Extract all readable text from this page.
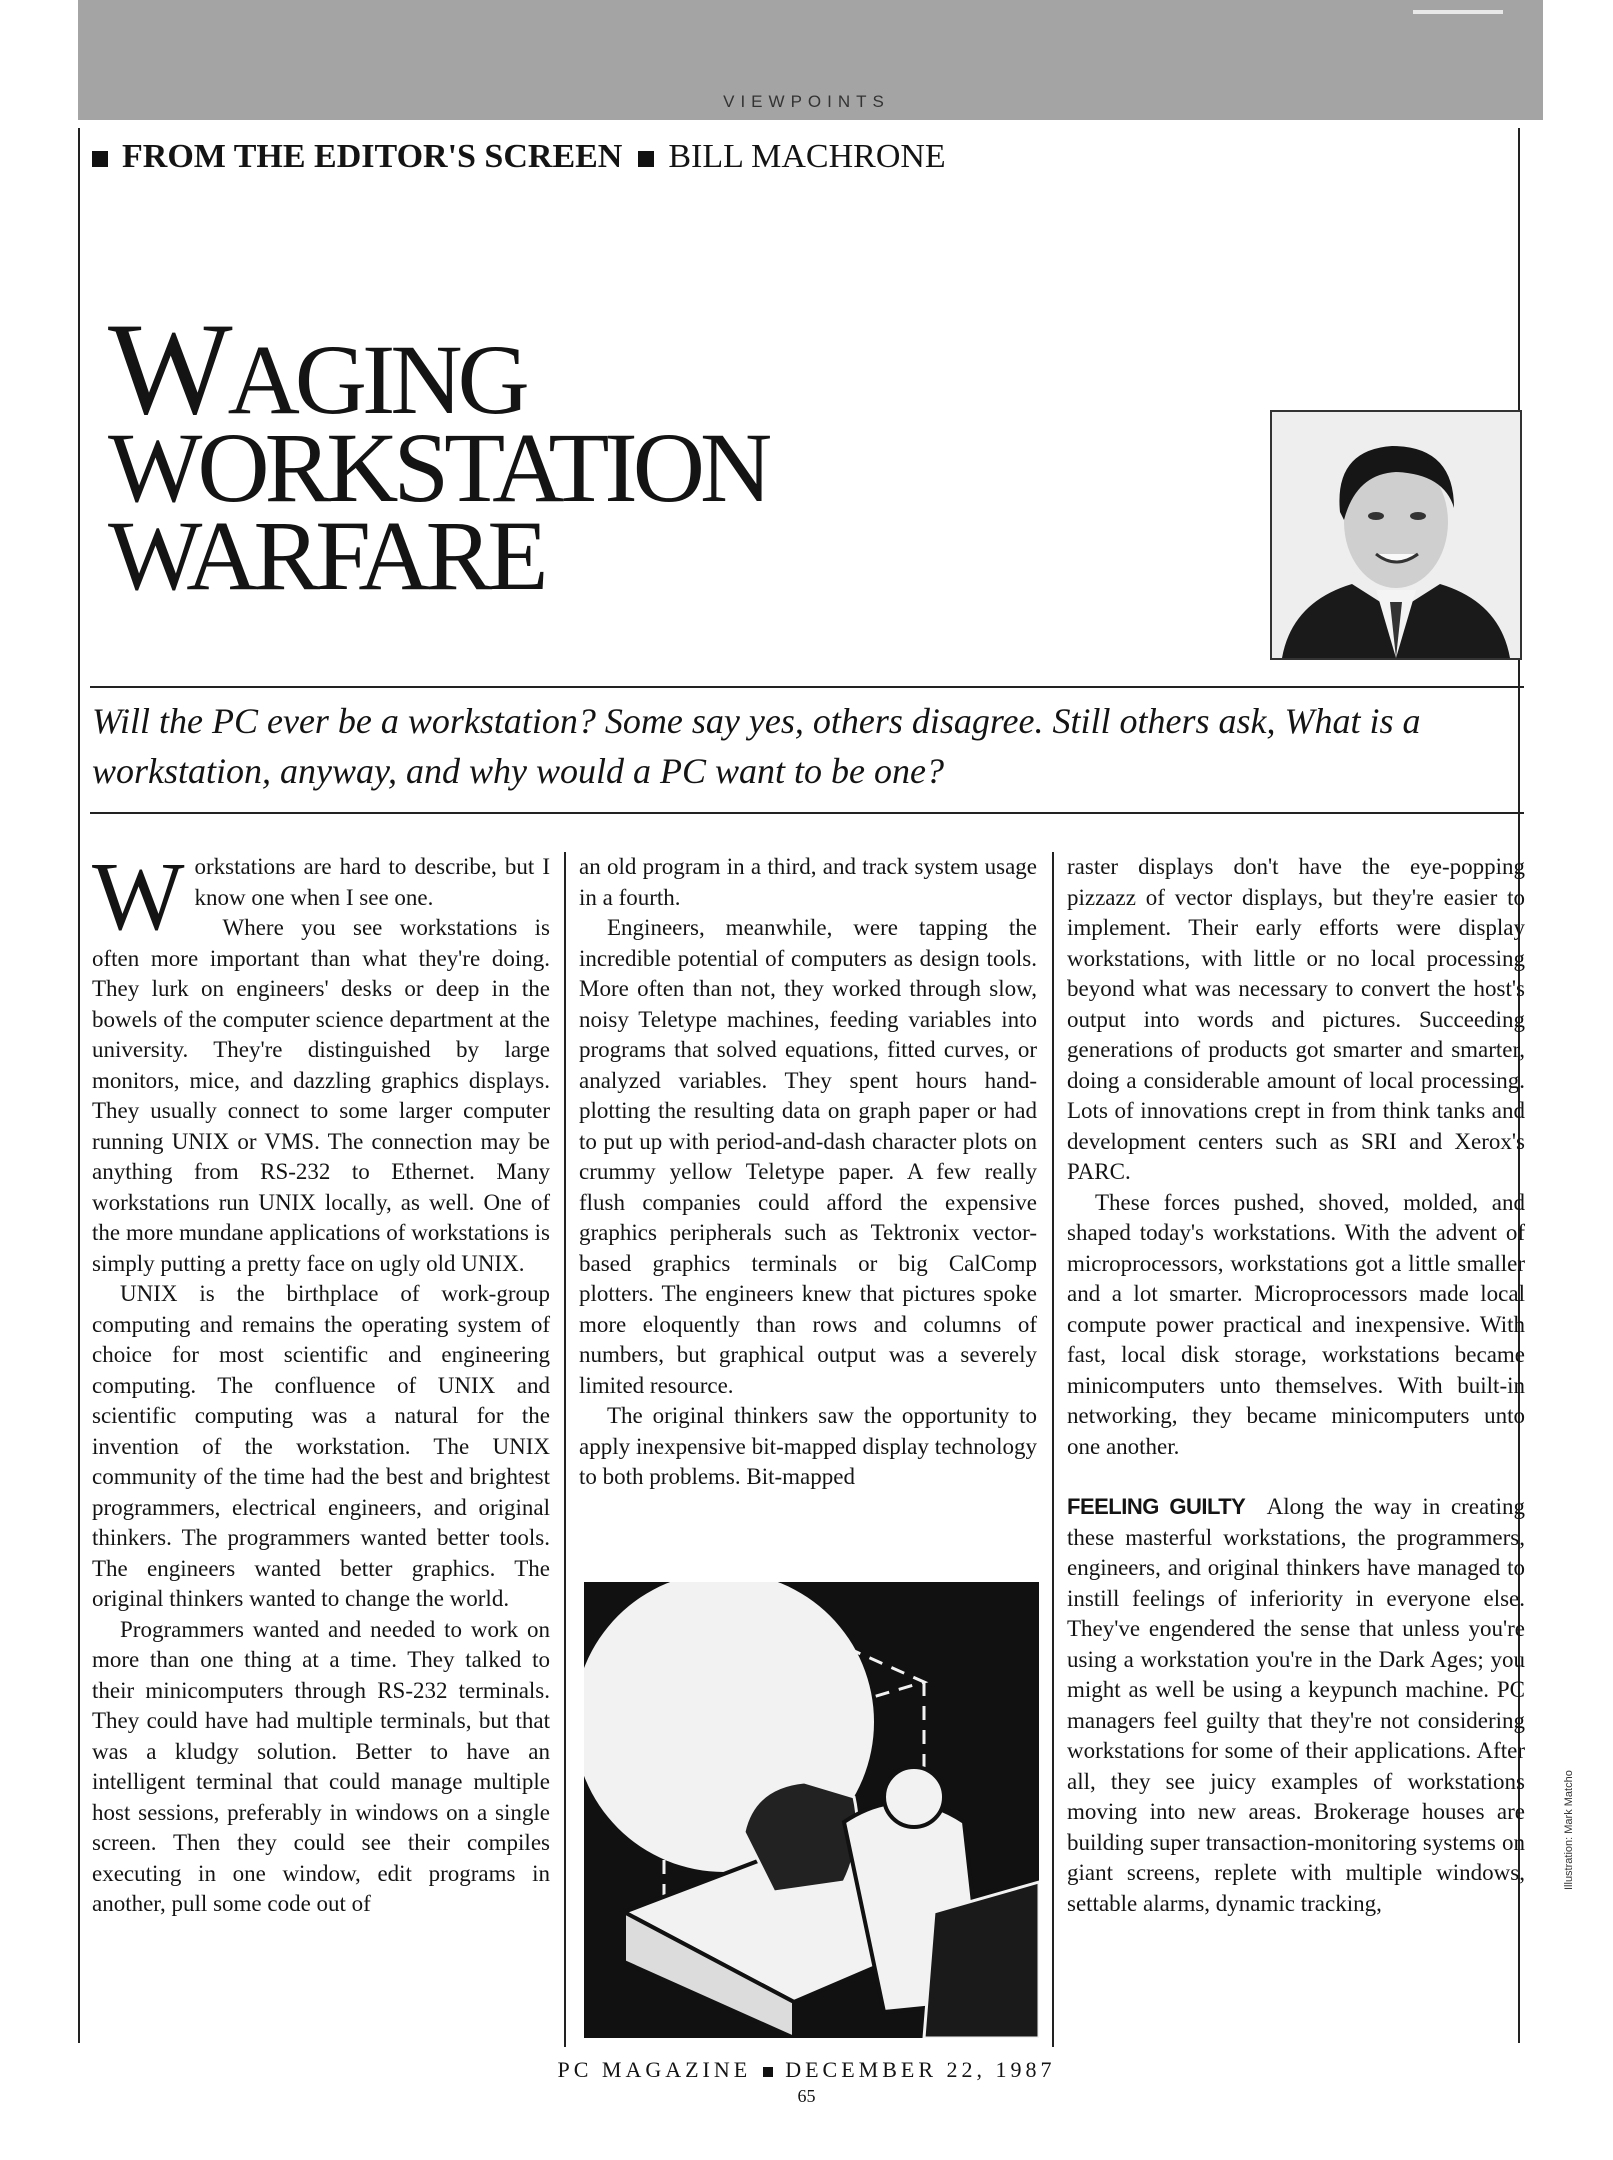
VIEWPOINTS
FROM THE EDITOR'S SCREEN BILL MACHRONE
WAGING
WORKSTATION
WARFARE
Will the PC ever be a workstation? Some say yes, others disagree. Still others ask, What is a workstation, anyway, and why would a PC want to be one?

Workstations are hard to describe, but I know one when I see one.

Where you see workstations is often more important than what they're doing. They lurk on engineers' desks or deep in the bowels of the computer science department at the university. They're distinguished by large monitors, mice, and dazzling graphics displays. They usually connect to some larger computer running UNIX or VMS. The connection may be anything from RS-232 to Ethernet. Many workstations run UNIX locally, as well. One of the more mundane applications of workstations is simply putting a pretty face on ugly old UNIX.

UNIX is the birthplace of work-group computing and remains the operating system of choice for most scientific and engineering computing. The confluence of UNIX and scientific computing was a natural for the invention of the workstation. The UNIX community of the time had the best and brightest programmers, electrical engineers, and original thinkers. The programmers wanted better tools. The engineers wanted better graphics. The original thinkers wanted to change the world.

Programmers wanted and needed to work on more than one thing at a time. They talked to their minicomputers through RS-232 terminals. They could have had multiple terminals, but that was a kludgy solution. Better to have an intelligent terminal that could manage multiple host sessions, preferably in windows on a single screen. Then they could see their compiles executing in one window, edit programs in another, pull some code out of

an old program in a third, and track system usage in a fourth.

Engineers, meanwhile, were tapping the incredible potential of computers as design tools. More often than not, they worked through slow, noisy Teletype machines, feeding variables into programs that solved equations, fitted curves, or analyzed variables. They spent hours hand-plotting the resulting data on graph paper or had to put up with period-and-dash character plots on crummy yellow Teletype paper. A few really flush companies could afford the expensive graphics peripherals such as Tektronix vector-based graphics terminals or big CalComp plotters. The engineers knew that pictures spoke more eloquently than rows and columns of numbers, but graphical output was a severely limited resource.

The original thinkers saw the opportunity to apply inexpensive bit-mapped display technology to both problems. Bit-mapped

raster displays don't have the eye-popping pizzazz of vector displays, but they're easier to implement. Their early efforts were display workstations, with little or no local processing beyond what was necessary to convert the host's output into words and pictures. Succeeding generations of products got smarter and smarter, doing a considerable amount of local processing. Lots of innovations crept in from think tanks and development centers such as SRI and Xerox's PARC.

These forces pushed, shoved, molded, and shaped today's workstations. With the advent of microprocessors, workstations got a little smaller and a lot smarter. Microprocessors made local compute power practical and inexpensive. With fast, local disk storage, workstations became minicomputers unto themselves. With built-in networking, they became minicomputers unto one another.

FEELING GUILTY Along the way in creating these masterful workstations, the programmers, engineers, and original thinkers have managed to instill feelings of inferiority in everyone else. They've engendered the sense that unless you're using a workstation you're in the Dark Ages; you might as well be using a keypunch machine. PC managers feel guilty that they're not considering workstations for some of their applications. After all, they see juicy examples of workstations moving into new areas. Brokerage houses are building super transaction-monitoring systems on giant screens, replete with multiple windows, settable alarms, dynamic tracking,

Illustration: Mark Matcho
PC MAGAZINE DECEMBER 22, 1987
65
